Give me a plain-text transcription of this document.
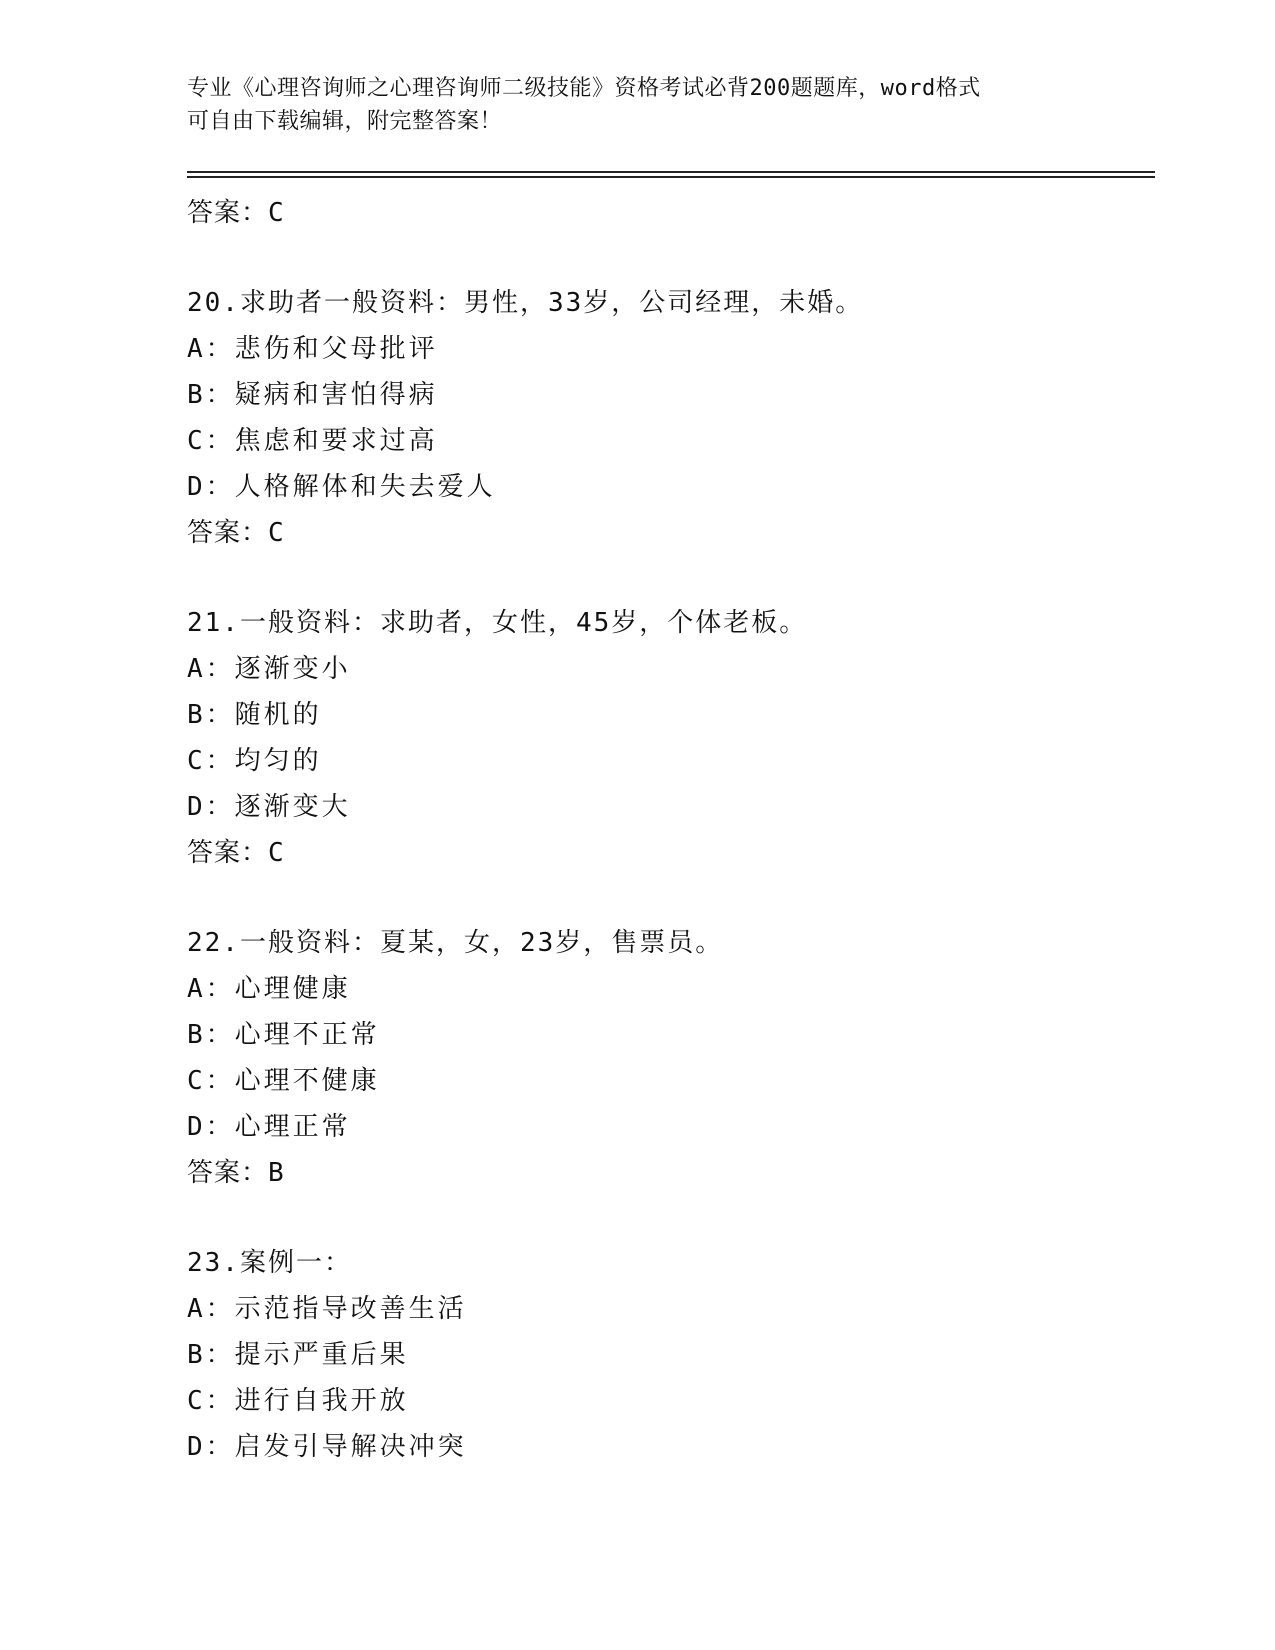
专业《心理咨询师之心理咨询师二级技能》资格考试必背200题题库，word格式
可自由下载编辑，附完整答案！
答案：C
20.求助者一般资料：男性，33岁，公司经理，未婚。
A：悲伤和父母批评
B：疑病和害怕得病
C：焦虑和要求过高
D：人格解体和失去爱人
答案：C
21.一般资料：求助者，女性，45岁，个体老板。
A：逐渐变小
B：随机的
C：均匀的
D：逐渐变大
答案：C
22.一般资料：夏某，女，23岁，售票员。
A：心理健康
B：心理不正常
C：心理不健康
D：心理正常
答案：B
23.案例一：
A：示范指导改善生活
B：提示严重后果
C：进行自我开放
D：启发引导解决冲突
